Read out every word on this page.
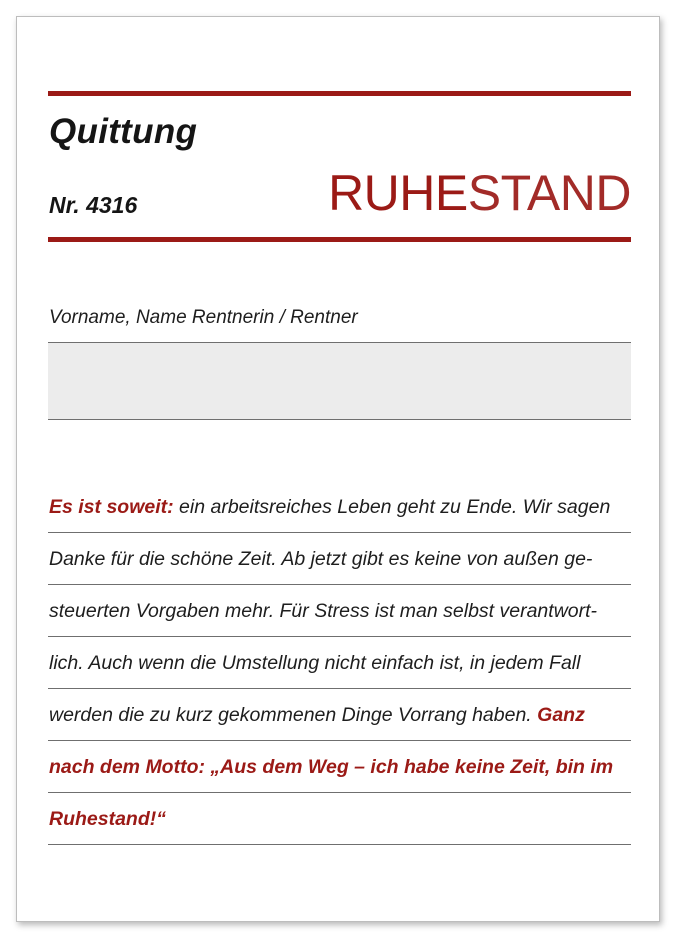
Quittung
Nr. 4316	RUHESTAND
Vorname, Name Rentnerin / Rentner
Es ist soweit: ein arbeitsreiches Leben geht zu Ende. Wir sagen
Danke für die schöne Zeit. Ab jetzt gibt es keine von außen ge-
steuerten Vorgaben mehr. Für Stress ist man selbst verantwort-
lich. Auch wenn die Umstellung nicht einfach ist, in jedem Fall
werden die zu kurz gekommenen Dinge Vorrang haben. Ganz
nach dem Motto: „Aus dem Weg – ich habe keine Zeit, bin im
Ruhestand!“
